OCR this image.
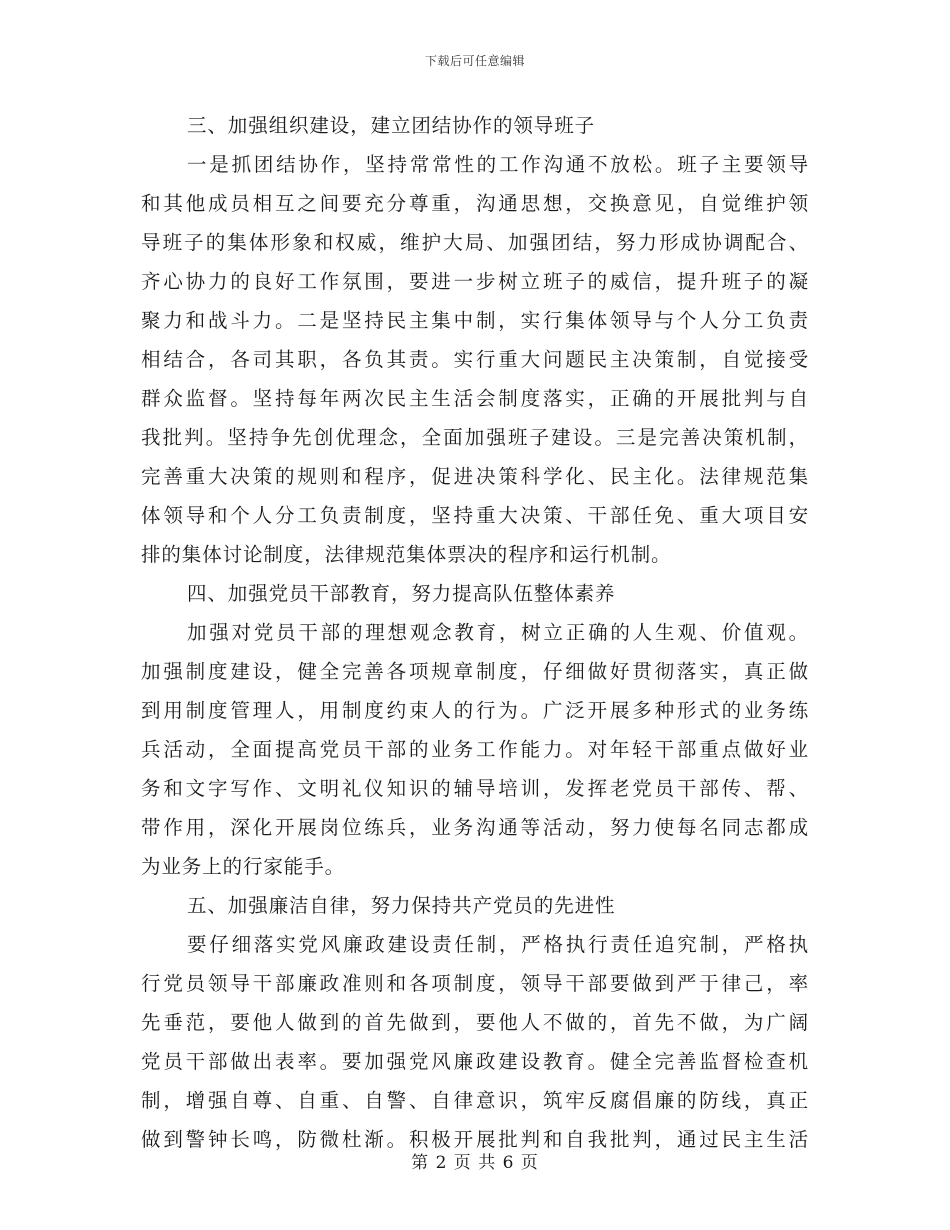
下载后可任意编辑
三、加强组织建设，建立团结协作的领导班子
一是抓团结协作，坚持常常性的工作沟通不放松。班子主要领导
和其他成员相互之间要充分尊重，沟通思想，交换意见，自觉维护领
导班子的集体形象和权威，维护大局、加强团结，努力形成协调配合、
齐心协力的良好工作氛围，要进一步树立班子的威信，提升班子的凝
聚力和战斗力。二是坚持民主集中制，实行集体领导与个人分工负责
相结合，各司其职，各负其责。实行重大问题民主决策制，自觉接受
群众监督。坚持每年两次民主生活会制度落实，正确的开展批判与自
我批判。坚持争先创优理念，全面加强班子建设。三是完善决策机制，
完善重大决策的规则和程序，促进决策科学化、民主化。法律规范集
体领导和个人分工负责制度，坚持重大决策、干部任免、重大项目安
排的集体讨论制度，法律规范集体票决的程序和运行机制。
四、加强党员干部教育，努力提高队伍整体素养
加强对党员干部的理想观念教育，树立正确的人生观、价值观。
加强制度建设，健全完善各项规章制度，仔细做好贯彻落实，真正做
到用制度管理人，用制度约束人的行为。广泛开展多种形式的业务练
兵活动，全面提高党员干部的业务工作能力。对年轻干部重点做好业
务和文字写作、文明礼仪知识的辅导培训，发挥老党员干部传、帮、
带作用，深化开展岗位练兵，业务沟通等活动，努力使每名同志都成
为业务上的行家能手。
五、加强廉洁自律，努力保持共产党员的先进性
要仔细落实党风廉政建设责任制，严格执行责任追究制，严格执
行党员领导干部廉政准则和各项制度，领导干部要做到严于律己，率
先垂范，要他人做到的首先做到，要他人不做的，首先不做，为广阔
党员干部做出表率。要加强党风廉政建设教育。健全完善监督检查机
制，增强自尊、自重、自警、自律意识，筑牢反腐倡廉的防线，真正
做到警钟长鸣，防微杜渐。积极开展批判和自我批判，通过民主生活
第 2 页 共 6 页
